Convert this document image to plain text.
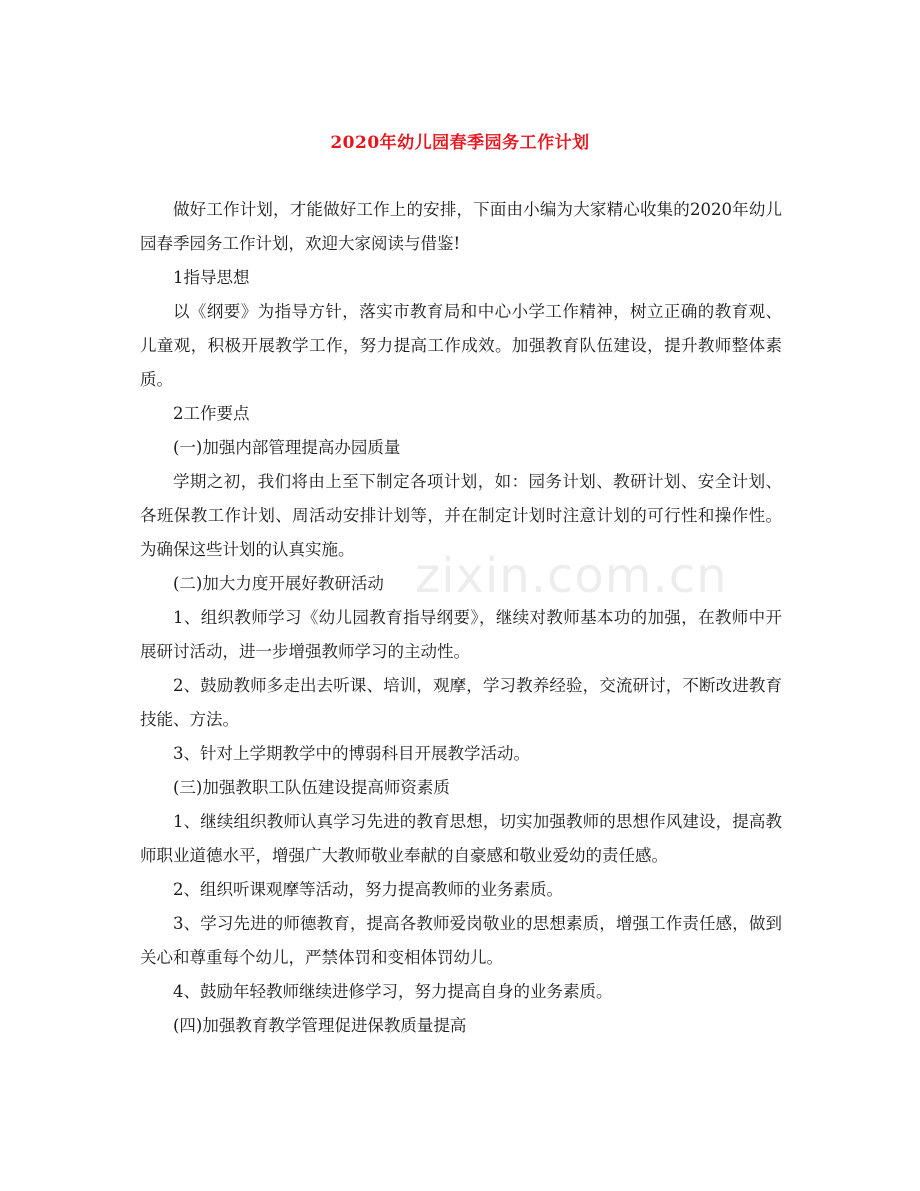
2020年幼儿园春季园务工作计划

做好工作计划，才能做好工作上的安排，下面由小编为大家精心收集的2020年幼儿园春季园务工作计划，欢迎大家阅读与借鉴!

1指导思想

以《纲要》为指导方针，落实市教育局和中心小学工作精神，树立正确的教育观、儿童观，积极开展教学工作，努力提高工作成效。加强教育队伍建设，提升教师整体素质。

2工作要点

(一)加强内部管理提高办园质量

学期之初，我们将由上至下制定各项计划，如：园务计划、教研计划、安全计划、各班保教工作计划、周活动安排计划等，并在制定计划时注意计划的可行性和操作性。为确保这些计划的认真实施。

(二)加大力度开展好教研活动

1、组织教师学习《幼儿园教育指导纲要》，继续对教师基本功的加强，在教师中开展研讨活动，进一步增强教师学习的主动性。

2、鼓励教师多走出去听课、培训，观摩，学习教养经验，交流研讨，不断改进教育技能、方法。

3、针对上学期教学中的博弱科目开展教学活动。

(三)加强教职工队伍建设提高师资素质

1、继续组织教师认真学习先进的教育思想，切实加强教师的思想作风建设，提高教师职业道德水平，增强广大教师敬业奉献的自豪感和敬业爱幼的责任感。

2、组织听课观摩等活动，努力提高教师的业务素质。

3、学习先进的师德教育，提高各教师爱岗敬业的思想素质，增强工作责任感，做到关心和尊重每个幼儿，严禁体罚和变相体罚幼儿。

4、鼓励年轻教师继续进修学习，努力提高自身的业务素质。

(四)加强教育教学管理促进保教质量提高

zixin.com.cn
